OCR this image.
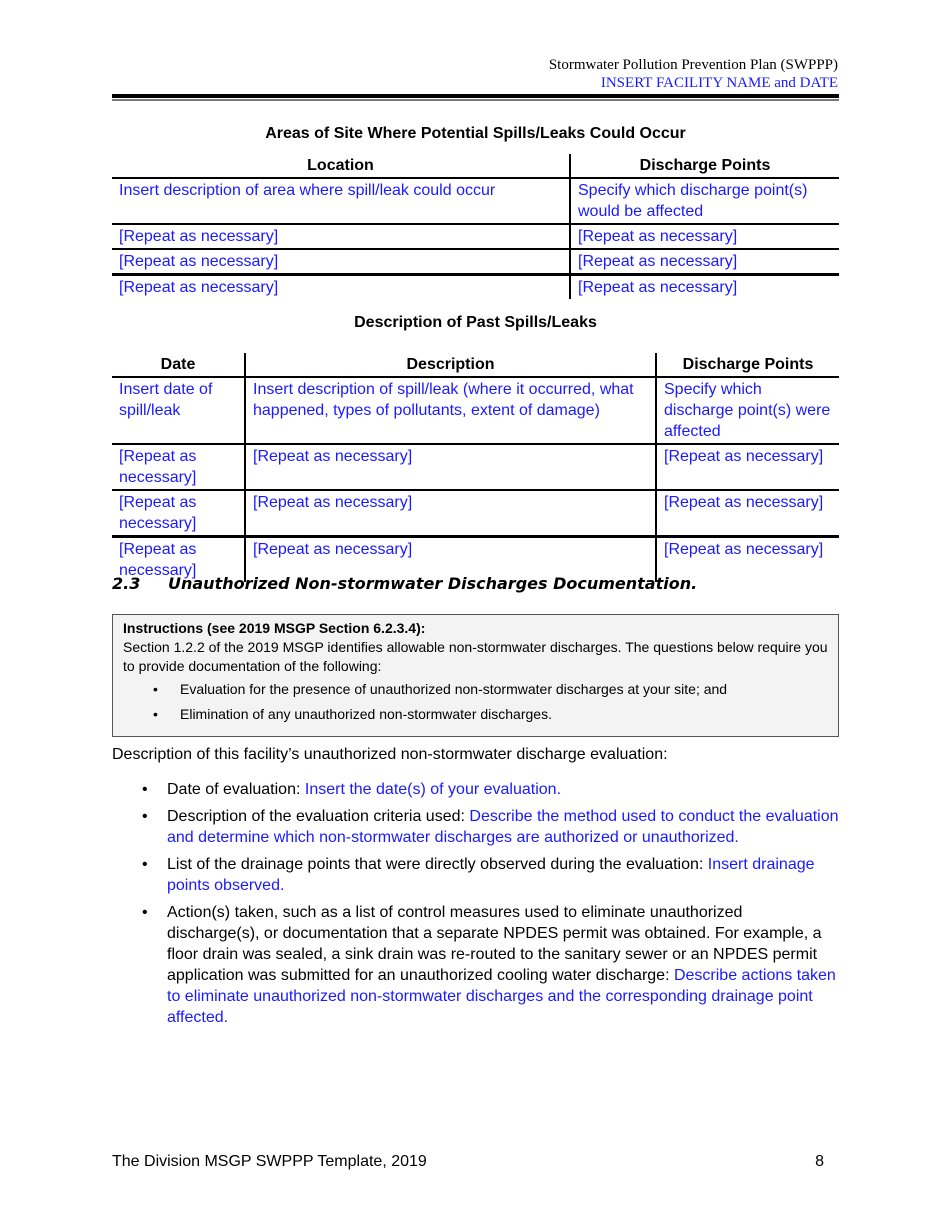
Stormwater Pollution Prevention Plan (SWPPP)
INSERT FACILITY NAME and DATE
Areas of Site Where Potential Spills/Leaks Could Occur
Location	Discharge Points
Insert description of area where spill/leak could occur	Specify which discharge point(s) would be affected
[Repeat as necessary]	[Repeat as necessary]
[Repeat as necessary]	[Repeat as necessary]
[Repeat as necessary]	[Repeat as necessary]
Description of Past Spills/Leaks
Date	Description	Discharge Points
Insert date of spill/leak	Insert description of spill/leak (where it occurred, what happened, types of pollutants, extent of damage)	Specify which discharge point(s) were affected
[Repeat as necessary]	[Repeat as necessary]	[Repeat as necessary]
[Repeat as necessary]	[Repeat as necessary]	[Repeat as necessary]
[Repeat as necessary]	[Repeat as necessary]	[Repeat as necessary]
2.3 Unauthorized Non-stormwater Discharges Documentation.
Instructions (see 2019 MSGP Section 6.2.3.4):
Section 1.2.2 of the 2019 MSGP identifies allowable non-stormwater discharges. The questions below require you to provide documentation of the following:
• Evaluation for the presence of unauthorized non-stormwater discharges at your site; and
• Elimination of any unauthorized non-stormwater discharges.
Description of this facility’s unauthorized non-stormwater discharge evaluation:
• Date of evaluation: Insert the date(s) of your evaluation.
• Description of the evaluation criteria used: Describe the method used to conduct the evaluation and determine which non-stormwater discharges are authorized or unauthorized.
• List of the drainage points that were directly observed during the evaluation: Insert drainage points observed.
• Action(s) taken, such as a list of control measures used to eliminate unauthorized discharge(s), or documentation that a separate NPDES permit was obtained. For example, a floor drain was sealed, a sink drain was re-routed to the sanitary sewer or an NPDES permit application was submitted for an unauthorized cooling water discharge: Describe actions taken to eliminate unauthorized non-stormwater discharges and the corresponding drainage point affected.
The Division MSGP SWPPP Template, 2019	8
